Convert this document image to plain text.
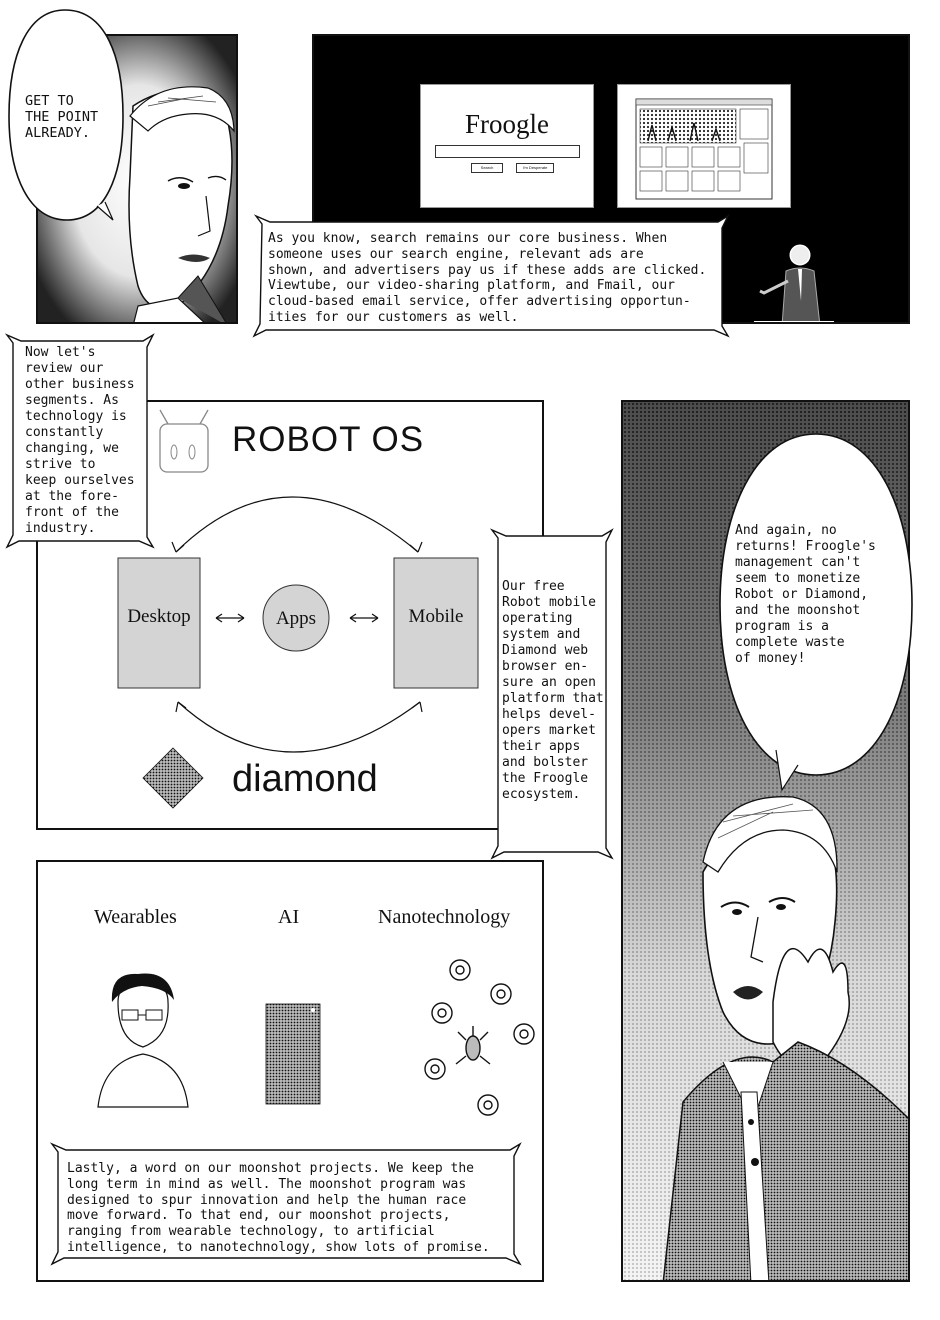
GET TO
THE POINT
ALREADY.	Froogle
Search	I'm Desperate
As you know, search remains our core business. When
someone uses our search engine, relevant ads are
shown, and advertisers pay us if these adds are clicked.
Viewtube, our video-sharing platform, and Fmail, our
cloud-based email service, offer advertising opportun-
ities for our customers as well.
ROBOT OS
Desktop	Apps	Mobile
diamond
Now let's
review our
other business
segments. As
technology is
constantly
changing, we
strive to
keep ourselves
at the fore-
front of the
industry.
Our free
Robot mobile
operating
system and
Diamond web
browser en-
sure an open
platform that
helps devel-
opers market
their apps
and bolster
the Froogle
ecosystem.
And again, no
returns! Froogle's
management can't
seem to monetize
Robot or Diamond,
and the moonshot
program is a
complete waste
of money!
Wearables	AI	Nanotechnology
Lastly, a word on our moonshot projects. We keep the
long term in mind as well. The moonshot program was
designed to spur innovation and help the human race
move forward. To that end, our moonshot projects,
ranging from wearable technology, to artificial
intelligence, to nanotechnology, show lots of promise.
